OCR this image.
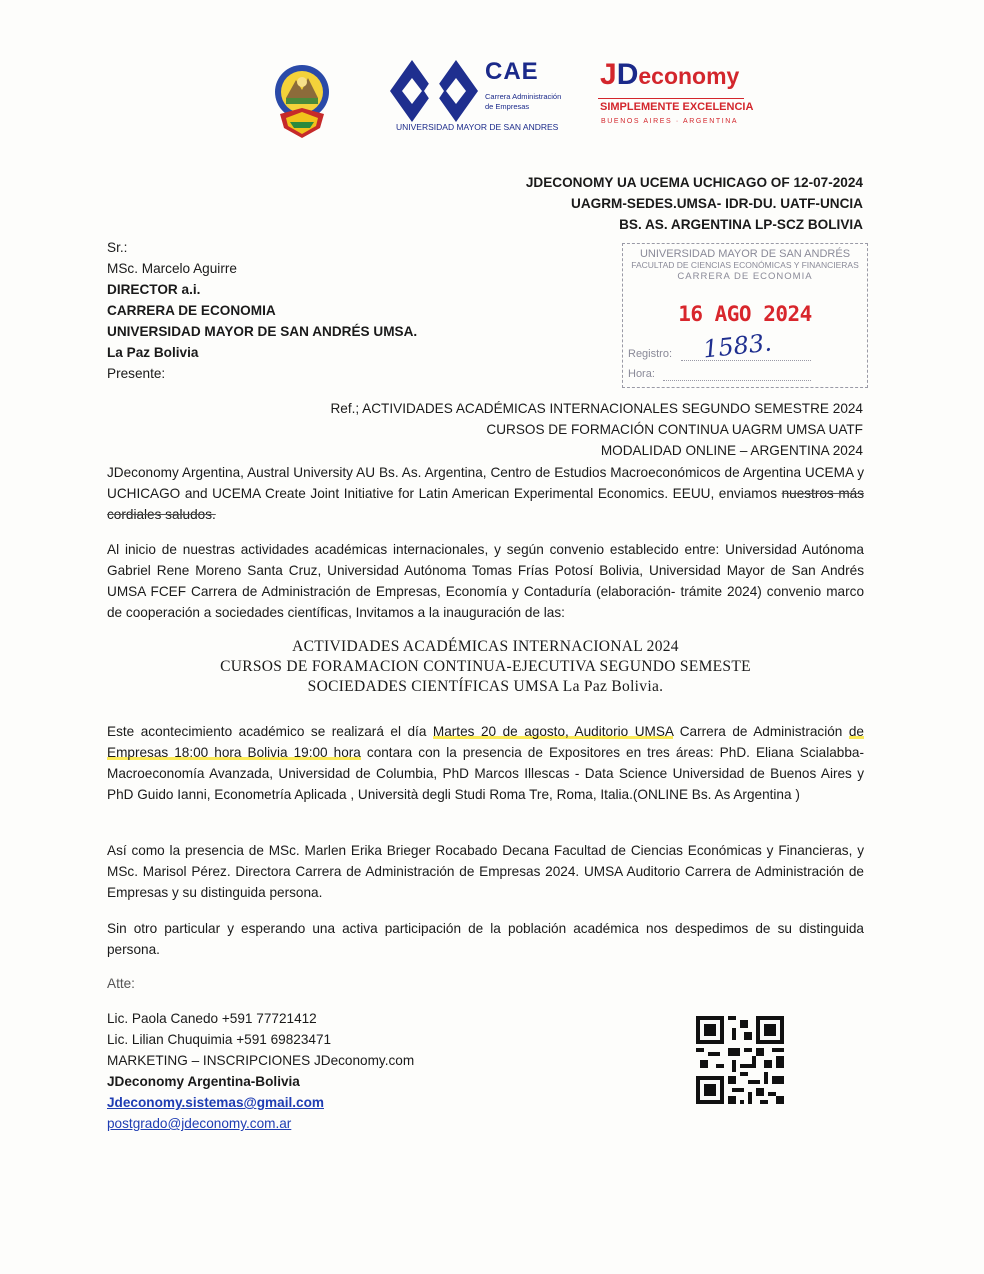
CAE
Carrera Administración
de Empresas
UNIVERSIDAD MAYOR DE SAN ANDRES
JDeconomy
SIMPLEMENTE EXCELENCIA
BUENOS AIRES · ARGENTINA
JDECONOMY UA UCEMA UCHICAGO OF 12-07-2024
UAGRM-SEDES.UMSA- IDR-DU. UATF-UNCIA
BS. AS. ARGENTINA LP-SCZ BOLIVIA
Sr.:
MSc. Marcelo Aguirre
DIRECTOR a.i.
CARRERA DE ECONOMIA
UNIVERSIDAD MAYOR DE SAN ANDRÉS UMSA.
La Paz Bolivia
Presente:
UNIVERSIDAD MAYOR DE SAN ANDRÉS
FACULTAD DE CIENCIAS ECONÓMICAS Y FINANCIERAS
CARRERA DE ECONOMIA
16 AGO 2024
Registro: 1583.
Hora:
Ref.; ACTIVIDADES ACADÉMICAS INTERNACIONALES SEGUNDO SEMESTRE 2024
CURSOS DE FORMACIÓN CONTINUA UAGRM UMSA UATF
MODALIDAD ONLINE – ARGENTINA 2024
JDeconomy Argentina, Austral University AU Bs. As. Argentina, Centro de Estudios Macroeconómicos de Argentina UCEMA y UCHICAGO and UCEMA Create Joint Initiative for Latin American Experimental Economics. EEUU, enviamos nuestros más cordiales saludos.
Al inicio de nuestras actividades académicas internacionales, y según convenio establecido entre: Universidad Autónoma Gabriel Rene Moreno Santa Cruz, Universidad Autónoma Tomas Frías Potosí Bolivia, Universidad Mayor de San Andrés UMSA FCEF Carrera de Administración de Empresas, Economía y Contaduría (elaboración- trámite 2024) convenio marco de cooperación a sociedades científicas, Invitamos a la inauguración de las:
ACTIVIDADES ACADÉMICAS INTERNACIONAL 2024
CURSOS DE FORAMACION CONTINUA-EJECUTIVA SEGUNDO SEMESTE
SOCIEDADES CIENTÍFICAS UMSA La Paz Bolivia.
Este acontecimiento académico se realizará el día Martes 20 de agosto, Auditorio UMSA Carrera de Administración de Empresas 18:00 hora Bolivia 19:00 hora contara con la presencia de Expositores en tres áreas: PhD. Eliana Scialabba- Macroeconomía Avanzada, Universidad de Columbia, PhD Marcos Illescas - Data Science Universidad de Buenos Aires y PhD Guido Ianni, Econometría Aplicada , Università degli Studi Roma Tre, Roma, Italia.(ONLINE Bs. As Argentina )
Así como la presencia de MSc. Marlen Erika Brieger Rocabado Decana Facultad de Ciencias Económicas y Financieras, y MSc. Marisol Pérez. Directora Carrera de Administración de Empresas 2024. UMSA Auditorio Carrera de Administración de Empresas y su distinguida persona.
Sin otro particular y esperando una activa participación de la población académica nos despedimos de su distinguida persona.
Atte:
Lic. Paola Canedo +591 77721412
Lic. Lilian Chuquimia +591 69823471
MARKETING – INSCRIPCIONES JDeconomy.com
JDeconomy Argentina-Bolivia
Jdeconomy.sistemas@gmail.com
postgrado@jdeconomy.com.ar
